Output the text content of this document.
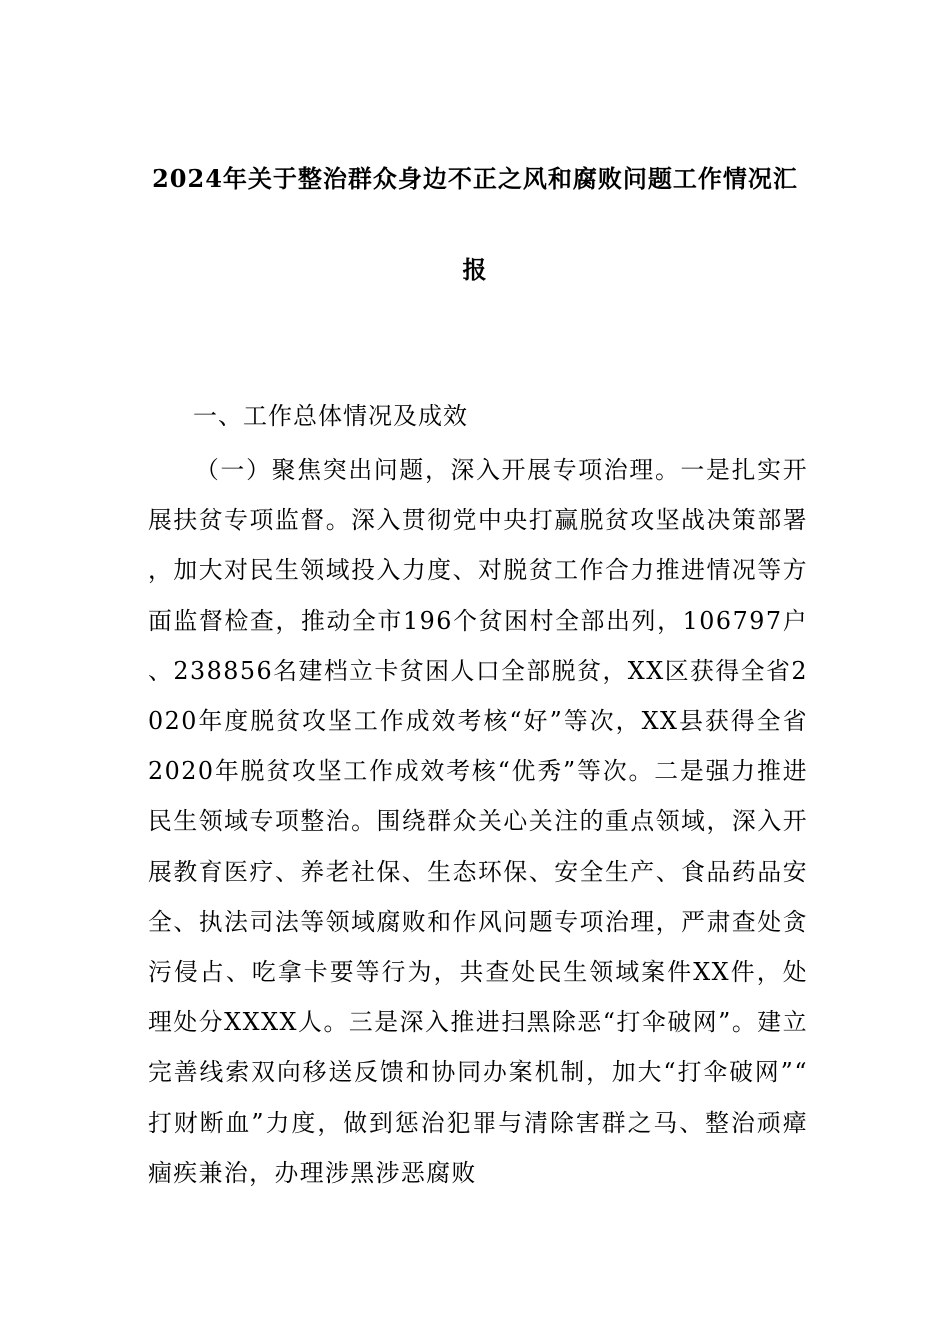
2024年关于整治群众身边不正之风和腐败问题工作情况汇
报
一、工作总体情况及成效

（一）聚焦突出问题，深入开展专项治理。一是扎实开展扶贫专项监督。深入贯彻党中央打赢脱贫攻坚战决策部署，加大对民生领域投入力度、对脱贫工作合力推进情况等方面监督检查，推动全市196个贫困村全部出列，106797户、238856名建档立卡贫困人口全部脱贫，XX区获得全省2020年度脱贫攻坚工作成效考核“好”等次，XX县获得全省2020年脱贫攻坚工作成效考核“优秀”等次。二是强力推进民生领域专项整治。围绕群众关心关注的重点领域，深入开展教育医疗、养老社保、生态环保、安全生产、食品药品安全、执法司法等领域腐败和作风问题专项治理，严肃查处贪污侵占、吃拿卡要等行为，共查处民生领域案件XX件，处理处分XXXX人。三是深入推进扫黑除恶“打伞破网”。建立完善线索双向移送反馈和协同办案机制，加大“打伞破网”“打财断血”力度，做到惩治犯罪与清除害群之马、整治顽瘴痼疾兼治，办理涉黑涉恶腐败
